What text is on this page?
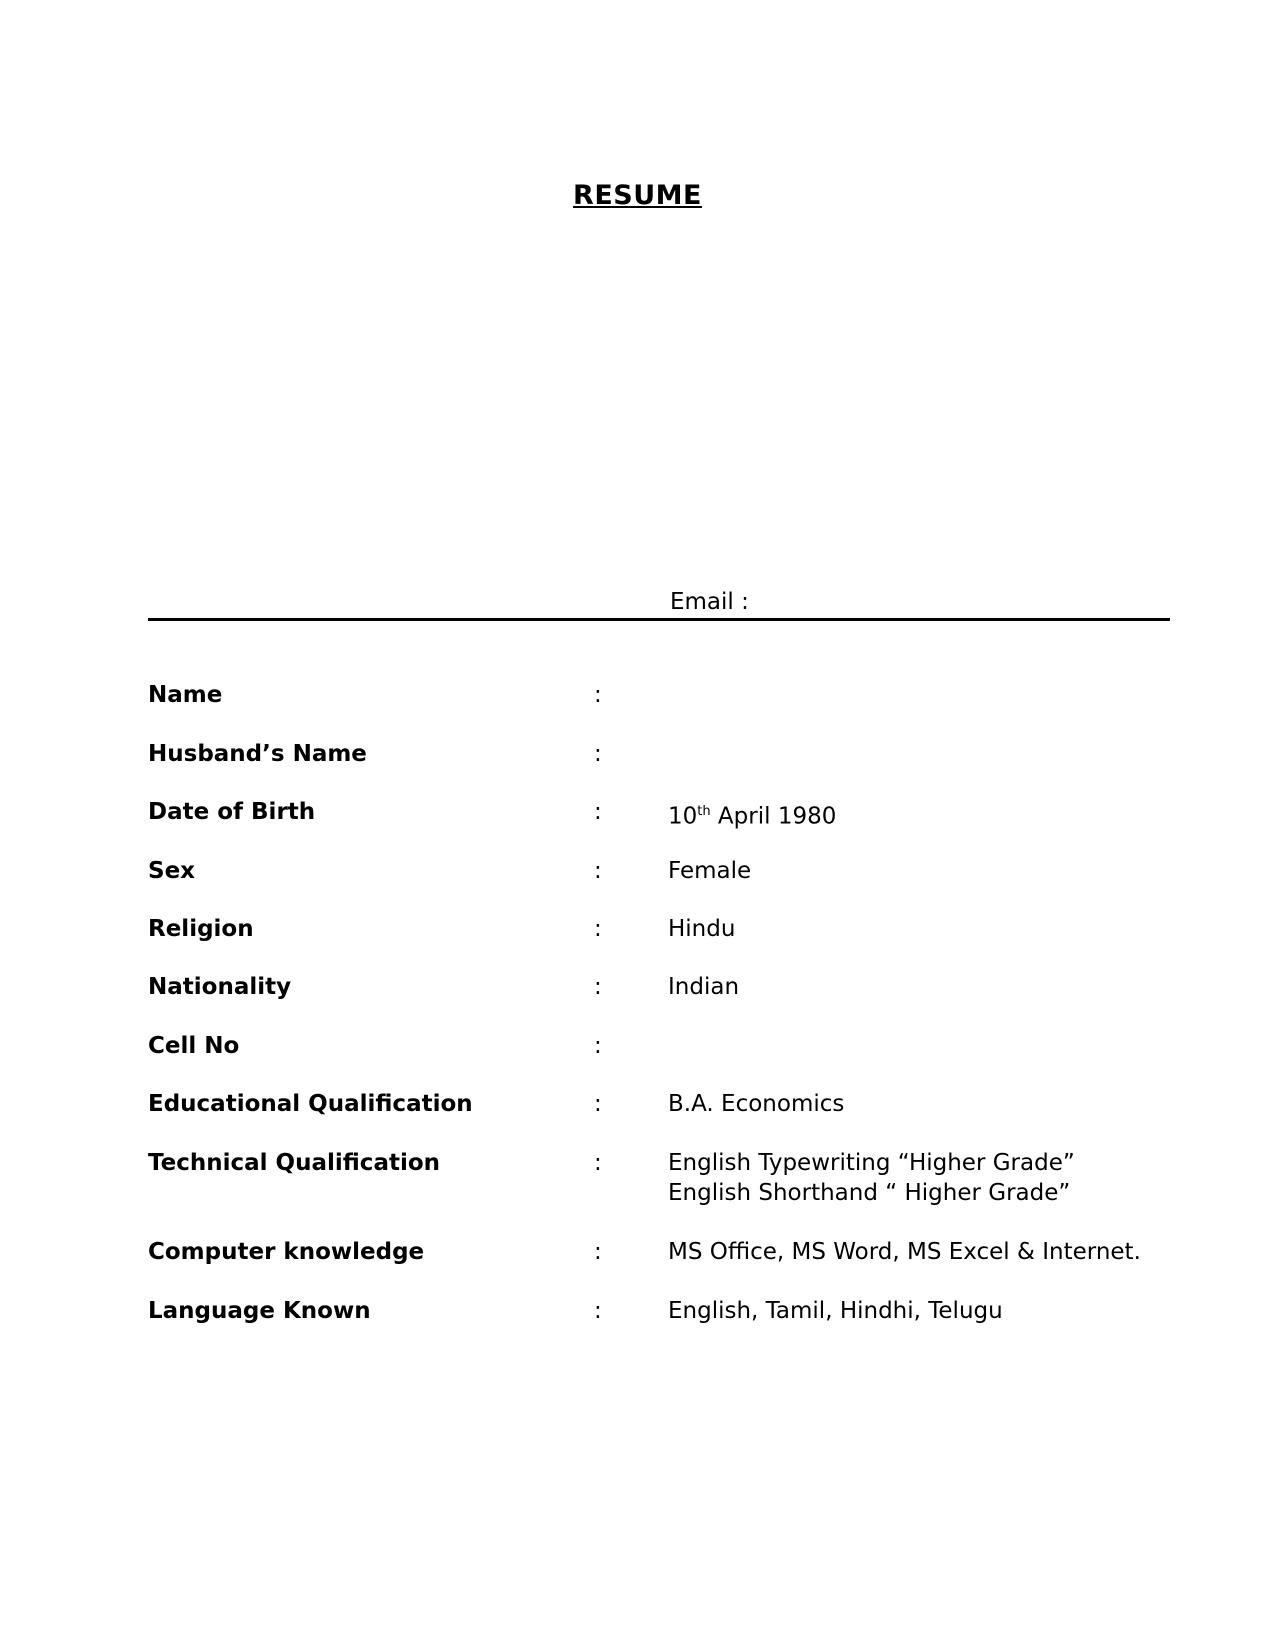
RESUME
Email :
Name	:
Husband’s Name	:
Date of Birth	:	10th April 1980
Sex	:	Female
Religion	:	Hindu
Nationality	:	Indian
Cell No	:
Educational Qualification	:	B.A. Economics
Technical Qualification	:	English Typewriting “Higher Grade”
English Shorthand “ Higher Grade”
Computer knowledge	:	MS Office, MS Word, MS Excel & Internet.
Language Known	:	English, Tamil, Hindhi, Telugu
